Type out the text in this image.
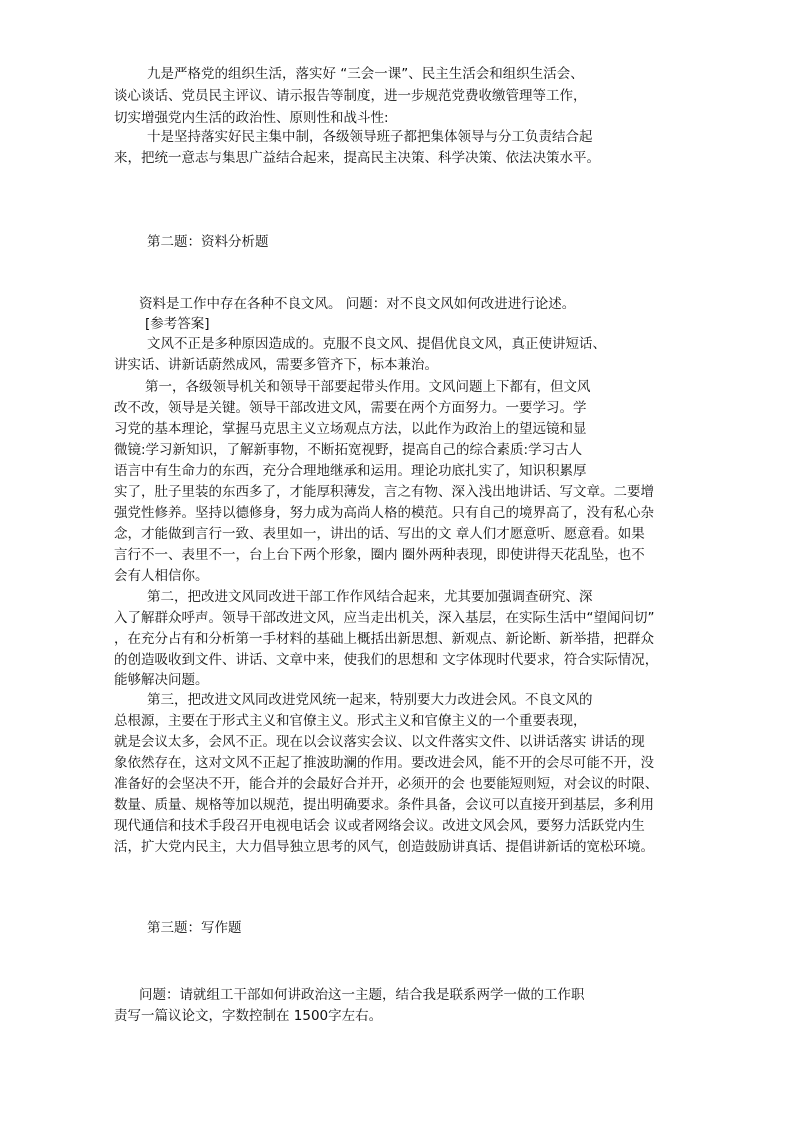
九是严格党的组织生活，落实好 “三会一课”、民主生活会和组织生活会、
谈心谈话、党员民主评议、请示报告等制度，进一步规范党费收缴管理等工作，
切实增强党内生活的政治性、原则性和战斗性:
十是坚持落实好民主集中制，各级领导班子都把集体领导与分工负责结合起
来，把统一意志与集思广益结合起来，提高民主决策、科学决策、依法决策水平。
第二题：资料分析题
资料是工作中存在各种不良文风。 问题：对不良文风如何改进进行论述。
[参考答案]
文风不正是多种原因造成的。克服不良文风、提倡优良文风，真正使讲短话、
讲实话、讲新话蔚然成风，需要多管齐下，标本兼治。
第一，各级领导机关和领导干部要起带头作用。文风问题上下都有，但文风
改不改，领导是关键。领导干部改进文风，需要在两个方面努力。一要学习。学
习党的基本理论，掌握马克思主义立场观点方法，以此作为政治上的望远镜和显
微镜:学习新知识，了解新事物，不断拓宽视野，提高自己的综合素质:学习古人
语言中有生命力的东西，充分合理地继承和运用。理论功底扎实了，知识积累厚
实了，肚子里装的东西多了，才能厚积薄发，言之有物、深入浅出地讲话、写文章。二要增
强党性修养。坚持以德修身，努力成为高尚人格的模范。只有自己的境界高了，没有私心杂
念，才能做到言行一致、表里如一，讲出的话、写出的文 章人们才愿意听、愿意看。如果
言行不一、表里不一，台上台下两个形象，圈内 圈外两种表现，即使讲得天花乱坠，也不
会有人相信你。
第二，把改进文风同改进干部工作作风结合起来，尤其要加强调查研究、深
入了解群众呼声。领导干部改进文风，应当走出机关，深入基层，在实际生活中“望闻问切”
，在充分占有和分析第一手材料的基础上概括出新思想、新观点、新论断、新举措，把群众
的创造吸收到文件、讲话、文章中来，使我们的思想和 文字体现时代要求，符合实际情况，
能够解决问题。
第三，把改进文风同改进党风统一起来，特别要大力改进会风。不良文风的
总根源，主要在于形式主义和官僚主义。形式主义和官僚主义的一个重要表现，
就是会议太多，会风不正。现在以会议落实会议、以文件落实文件、以讲话落实 讲话的现
象依然存在，这对文风不正起了推波助澜的作用。要改进会风，能不开的会尽可能不开，没
准备好的会坚决不开，能合并的会最好合并开，必须开的会 也要能短则短，对会议的时限、
数量、质量、规格等加以规范，提出明确要求。条件具备，会议可以直接开到基层，多利用
现代通信和技术手段召开电视电话会 议或者网络会议。改进文风会风，要努力活跃党内生
活，扩大党内民主，大力倡导独立思考的风气，创造鼓励讲真话、提倡讲新话的宽松环境。
第三题：写作题
问题：请就组工干部如何讲政治这一主题，结合我是联系两学一做的工作职
责写一篇议论文，字数控制在 1500字左右。
